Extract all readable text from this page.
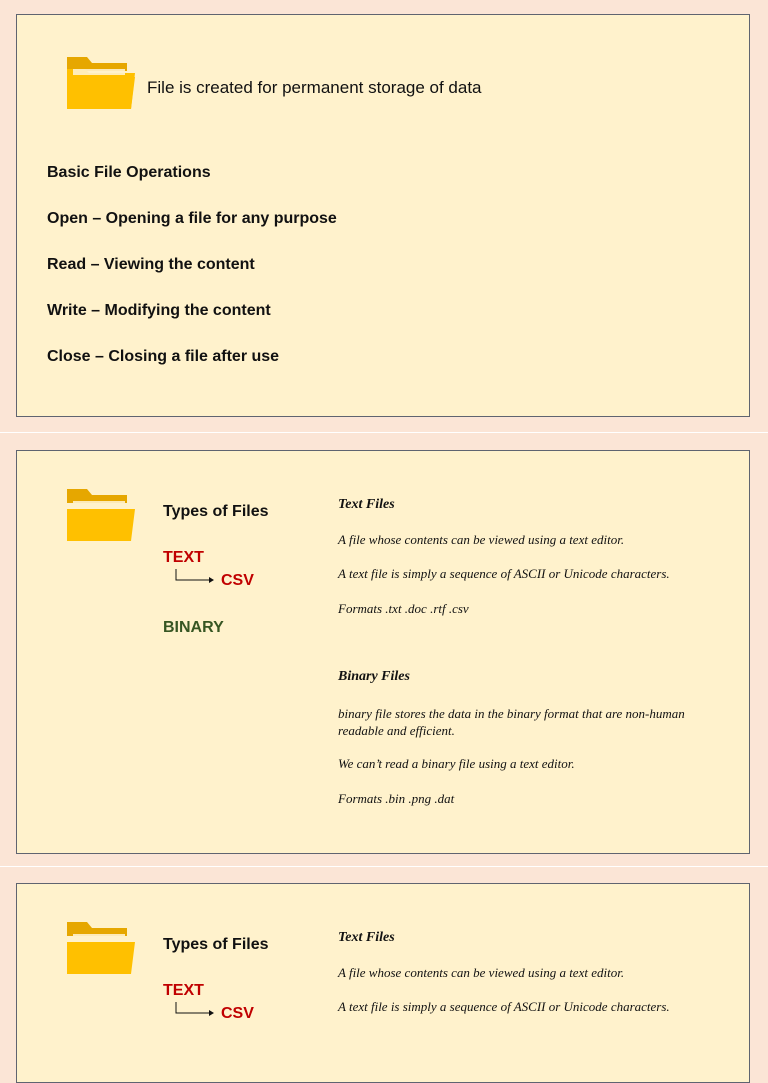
File is created for permanent storage of data
Basic File Operations
Open – Opening a file for any purpose
Read – Viewing the content
Write – Modifying the content
Close – Closing a file after use
Types of Files
TEXT
CSV
BINARY
Text Files
A file whose contents can be viewed using a text editor.
A text file is simply a sequence of ASCII or Unicode characters.
Formats .txt .doc .rtf .csv
Binary Files
binary file stores the data in the binary format that are non-human readable and efficient.
We can’t read a binary file using a text editor.
Formats .bin .png .dat
Types of Files
TEXT
CSV
Text Files
A file whose contents can be viewed using a text editor.
A text file is simply a sequence of ASCII or Unicode characters.
